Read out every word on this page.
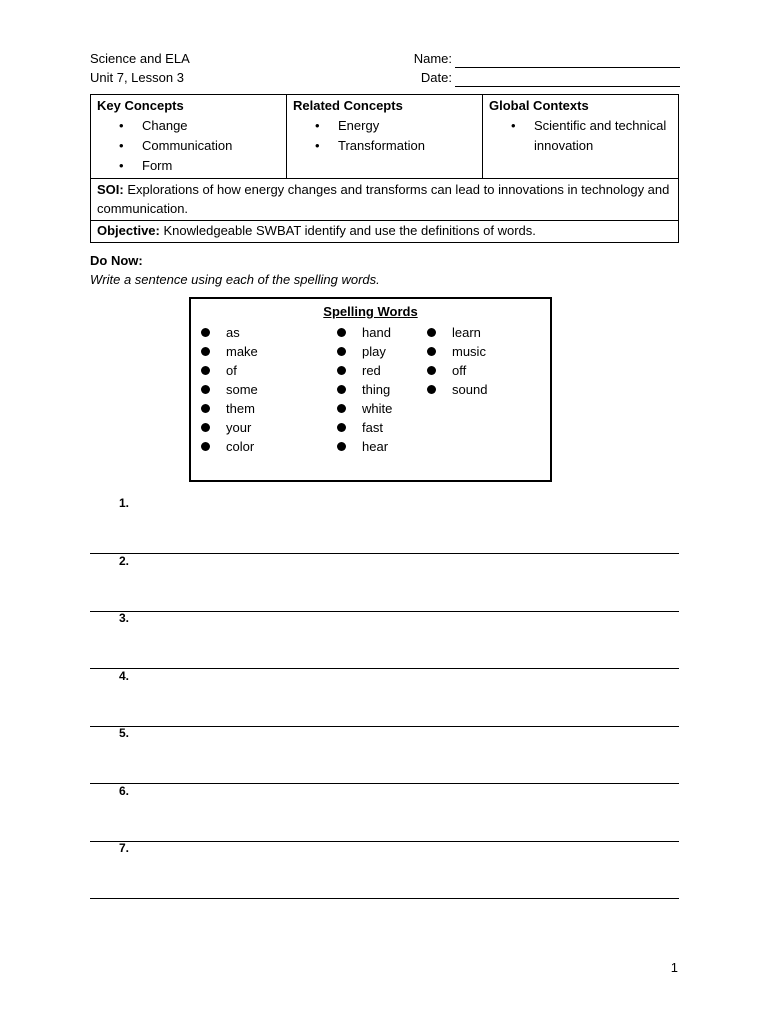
Science and ELA
Unit 7, Lesson 3
Name:
Date:
Key Concepts
• Change
• Communication
• Form

Related Concepts
• Energy
• Transformation

Global Contexts
• Scientific and technical innovation

SOI: Explorations of how energy changes and transforms can lead to innovations in technology and communication.
Objective: Knowledgeable SWBAT identify and use the definitions of words.
Do Now:
Write a sentence using each of the spelling words.
Spelling Words
as
make
of
some
them
your
color
hand
play
red
thing
white
fast
hear
learn
music
off
sound
1.
2.
3.
4.
5.
6.
7.
1
